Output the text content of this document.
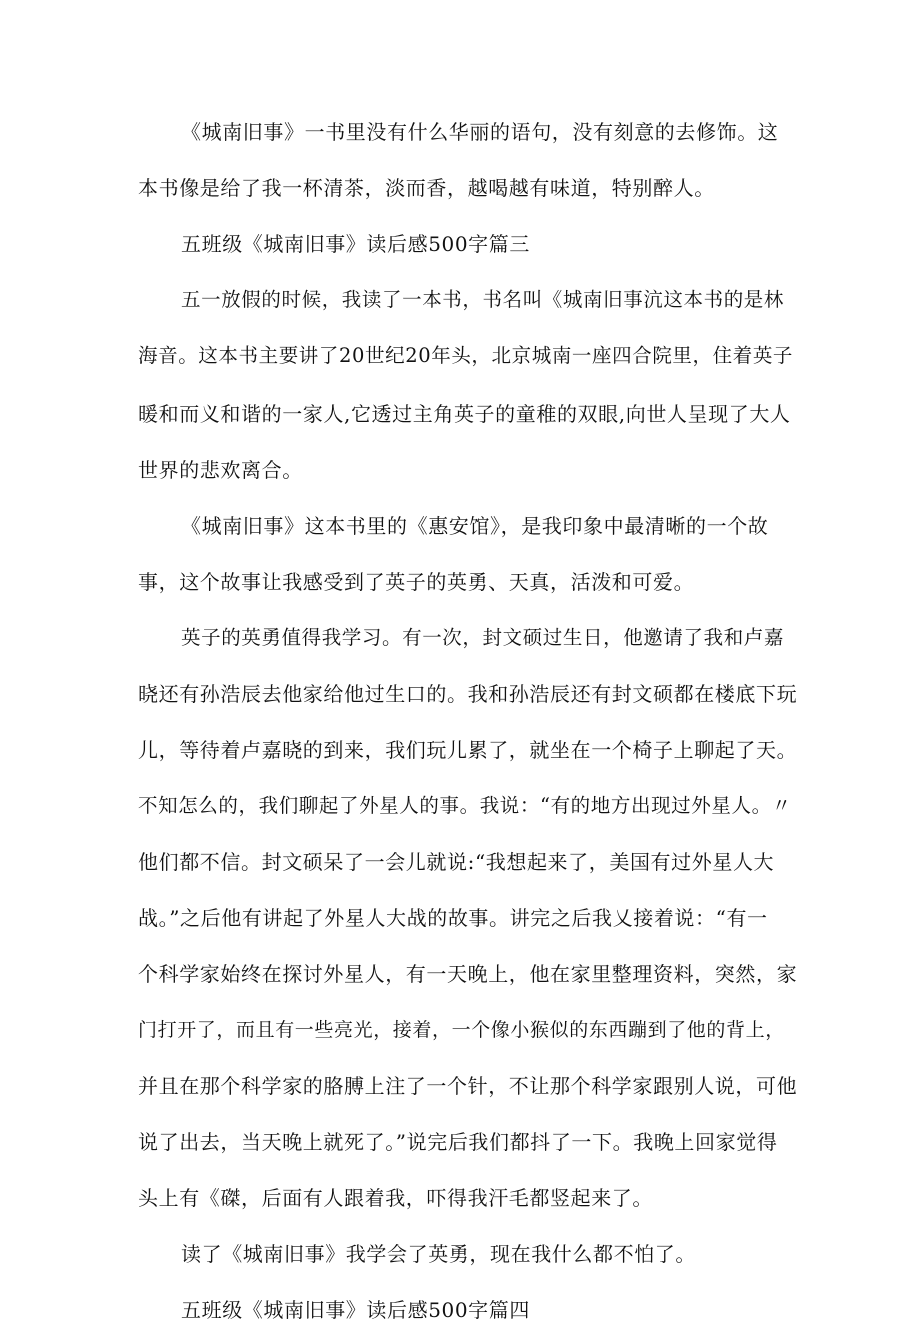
《城南旧事》一书里没有什么华丽的语句，没有刻意的去修饰。这
本书像是给了我一杯清茶，淡而香，越喝越有味道，特别醉人。
五班级《城南旧事》读后感500字篇三
五一放假的时候，我读了一本书，书名叫《城南旧事沆这本书的是林
海音。这本书主要讲了20世纪20年头，北京城南一座四合院里，住着英子
暖和而义和谐的一家人,它透过主角英子的童稚的双眼,向世人呈现了大人
世界的悲欢离合。
《城南旧事》这本书里的《惠安馆》，是我印象中最清晰的一个故
事，这个故事让我感受到了英子的英勇、天真，活泼和可爱。
英子的英勇值得我学习。有一次，封文硕过生日，他邀请了我和卢嘉
晓还有孙浩辰去他家给他过生口的。我和孙浩辰还有封文硕都在楼底下玩
儿，等待着卢嘉晓的到来，我们玩儿累了，就坐在一个椅子上聊起了天。
不知怎么的，我们聊起了外星人的事。我说：“有的地方出现过外星人。〃
他们都不信。封文硕呆了一会儿就说:“我想起来了，美国有过外星人大
战。”之后他有讲起了外星人大战的故事。讲完之后我乂接着说：“有一
个科学家始终在探讨外星人，有一天晚上，他在家里整理资料，突然，家
门打开了，而且有一些亮光，接着，一个像小猴似的东西蹦到了他的背上，
并且在那个科学家的胳膊上注了一个针，不让那个科学家跟别人说，可他
说了出去，当天晚上就死了。”说完后我们都抖了一下。我晚上回家觉得
头上有《磔，后面有人跟着我，吓得我汗毛都竖起来了。
读了《城南旧事》我学会了英勇，现在我什么都不怕了。
五班级《城南旧事》读后感500字篇四
